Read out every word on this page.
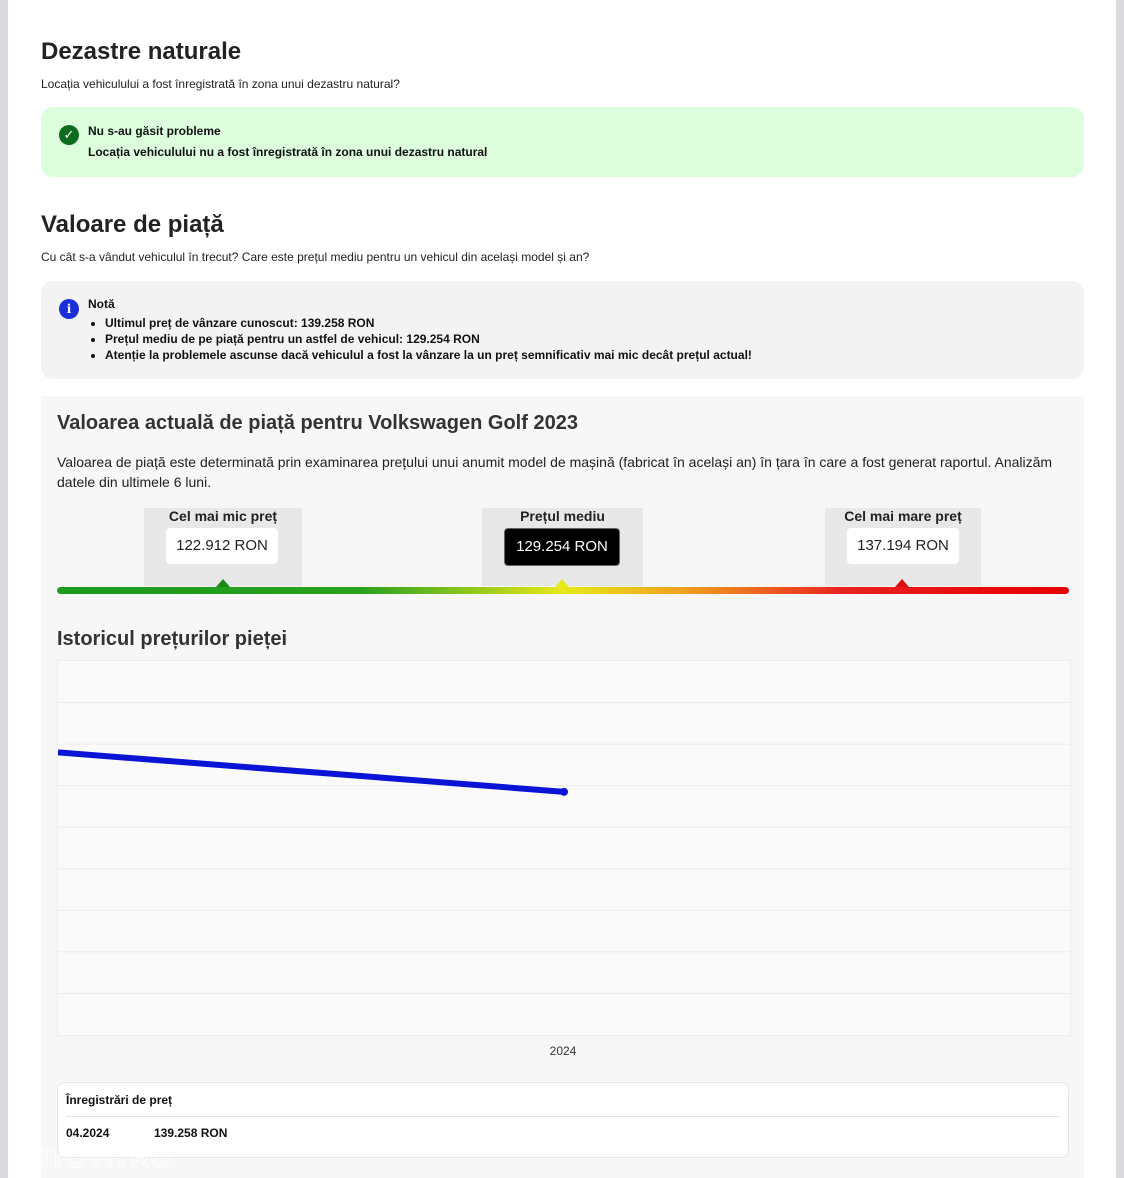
Dezastre naturale
Locația vehiculului a fost înregistrată în zona unui dezastru natural?
✓	Nu s-au găsit probleme
Locația vehiculului nu a fost înregistrată în zona unui dezastru natural
Valoare de piață
Cu cât s-a vândut vehiculul în trecut? Care este prețul mediu pentru un vehicul din același model și an?
i	Notă
• Ultimul preț de vânzare cunoscut: 139.258 RON
• Prețul mediu de pe piață pentru un astfel de vehicul: 129.254 RON
• Atenție la problemele ascunse dacă vehiculul a fost la vânzare la un preț semnificativ mai mic decât prețul actual!
Valoarea actuală de piață pentru Volkswagen Golf 2023
Valoarea de piață este determinată prin examinarea prețului unui anumit model de mașină (fabricat în același an) în țara în care a fost generat raportul. Analizăm datele din ultimele 6 luni.
Cel mai mic preț
122.912 RON
Prețul mediu
129.254 RON
Cel mai mare preț
137.194 RON
Istoricul prețurilor pieței
2024
Înregistrări de preț
04.2024	139.258 RON
AUTOVITRO
